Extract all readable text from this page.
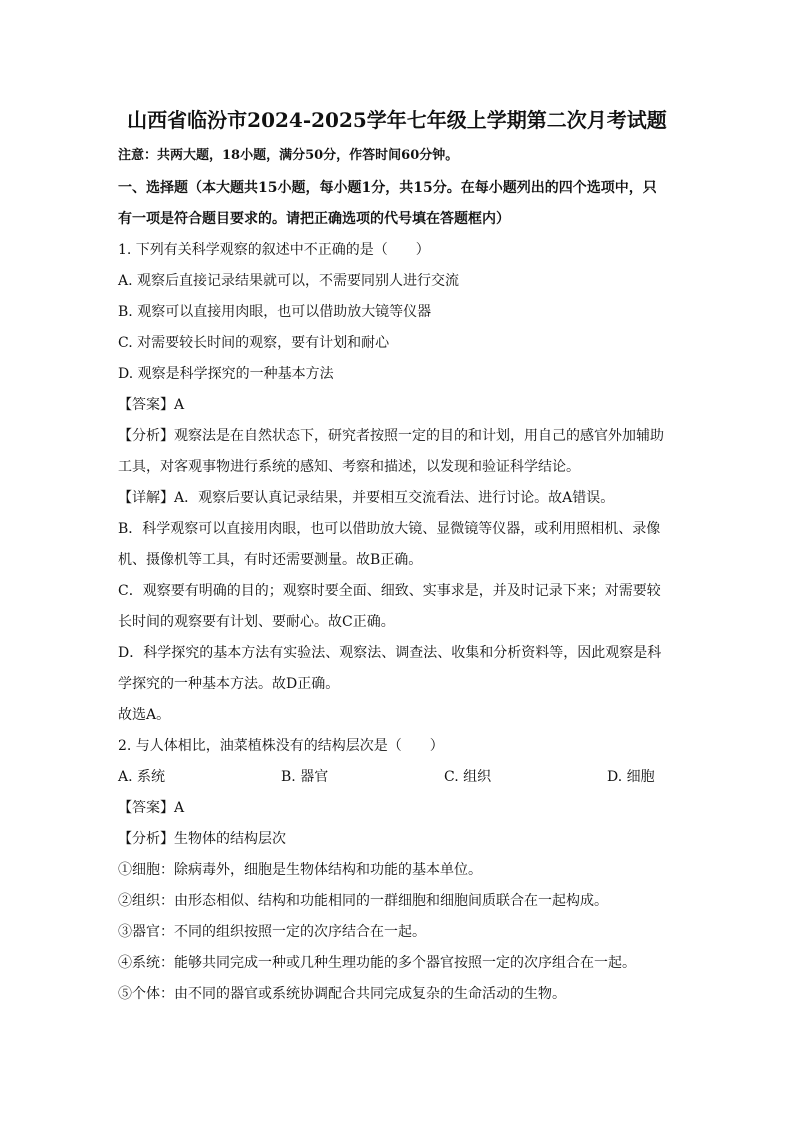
山西省临汾市2024-2025学年七年级上学期第二次月考试题
注意：共两大题，18小题，满分50分，作答时间60分钟。
一、选择题（本大题共15小题，每小题1分，共15分。在每小题列出的四个选项中，只
有一项是符合题目要求的。请把正确选项的代号填在答题框内）
1. 下列有关科学观察的叙述中不正确的是（　　）
A. 观察后直接记录结果就可以，不需要同别人进行交流
B. 观察可以直接用肉眼，也可以借助放大镜等仪器
C. 对需要较长时间的观察，要有计划和耐心
D. 观察是科学探究的一种基本方法
【答案】A
【分析】观察法是在自然状态下，研究者按照一定的目的和计划，用自己的感官外加辅助
工具，对客观事物进行系统的感知、考察和描述，以发现和验证科学结论。
【详解】A．观察后要认真记录结果，并要相互交流看法、进行讨论。故A错误。
B．科学观察可以直接用肉眼，也可以借助放大镜、显微镜等仪器，或利用照相机、录像
机、摄像机等工具，有时还需要测量。故B正确。
C．观察要有明确的目的；观察时要全面、细致、实事求是，并及时记录下来；对需要较
长时间的观察要有计划、要耐心。故C正确。
D．科学探究的基本方法有实验法、观察法、调查法、收集和分析资料等，因此观察是科
学探究的一种基本方法。故D正确。
故选A。
2. 与人体相比，油菜植株没有的结构层次是（　　）
A. 系统	B. 器官	C. 组织	D. 细胞
【答案】A
【分析】生物体的结构层次
①细胞：除病毒外，细胞是生物体结构和功能的基本单位。
②组织：由形态相似、结构和功能相同的一群细胞和细胞间质联合在一起构成。
③器官：不同的组织按照一定的次序结合在一起。
④系统：能够共同完成一种或几种生理功能的多个器官按照一定的次序组合在一起。
⑤个体：由不同的器官或系统协调配合共同完成复杂的生命活动的生物。
